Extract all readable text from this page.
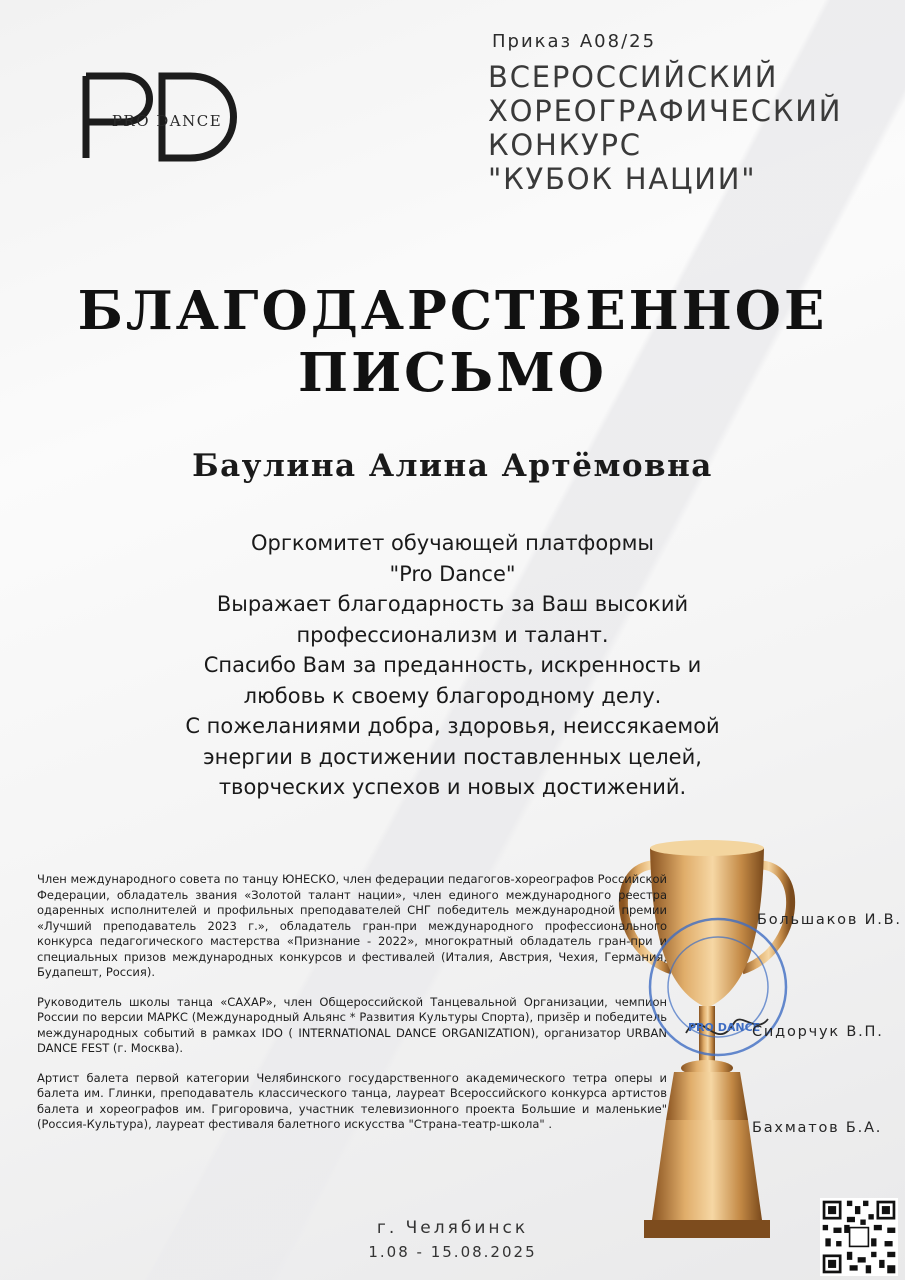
PRO DANCE
Приказ А08/25
ВСЕРОССИЙСКИЙ
ХОРЕОГРАФИЧЕСКИЙ
КОНКУРС
"КУБОК НАЦИИ"
БЛАГОДАРСТВЕННОЕ
ПИСЬМО
Баулина Алина Артёмовна
Оргкомитет обучающей платформы
"Pro Dance"
Выражает благодарность за Ваш высокий
профессионализм и талант.
Спасибо Вам за преданность, искренность и
любовь к своему благородному делу.
С пожеланиями добра, здоровья, неиссякаемой
энергии в достижении поставленных целей,
творческих успехов и новых достижений.
Член международного совета по танцу ЮНЕСКО, член федерации педагогов-хореографов Российской Федерации, обладатель звания «Золотой талант нации», член единого международного реестра одаренных исполнителей и профильных преподавателей СНГ победитель международной премии «Лучший преподаватель 2023 г.», обладатель гран-при международного профессионального конкурса педагогического мастерства «Признание - 2022», многократный обладатель гран-при и специальных призов международных конкурсов и фестивалей (Италия, Австрия, Чехия, Германия, Будапешт, Россия).
Руководитель школы танца «САХАР», член Общероссийской Танцевальной Организации, чемпион России по версии МАРКС (Международный Альянс * Развития Культуры Спорта), призёр и победитель международных событий в рамках IDO ( INTERNATIONAL DANCE ORGANIZATION), организатор URBAN DANCE FEST (г. Москва).
Артист балета первой категории Челябинского государственного академического тетра оперы и балета им. Глинки, преподаватель классического танца, лауреат Всероссийского конкурса артистов балета и хореографов им. Григоровича, участник телевизионного проекта Большие и маленькие" (Россия-Культура), лауреат фестиваля балетного искусства "Страна-театр-школа" .
PRO DANCE
Большаков И.В.
Сидорчук В.П.
Бахматов Б.А.
г. Челябинск
1.08 - 15.08.2025
